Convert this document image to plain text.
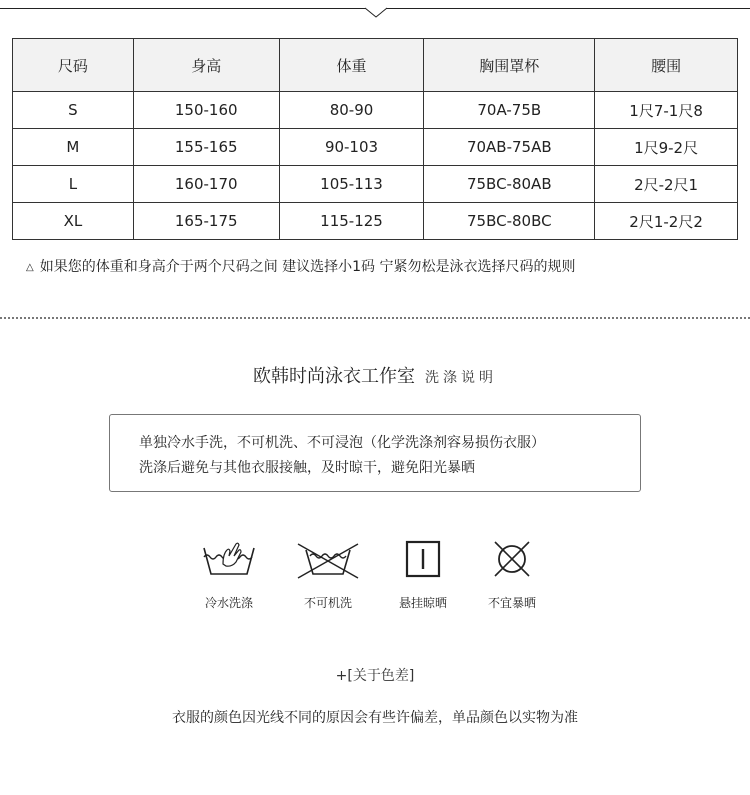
尺码	身高	体重	胸围罩杯	腰围
S	150-160	80-90	70A-75B	1尺7-1尺8
M	155-165	90-103	70AB-75AB	1尺9-2尺
L	160-170	105-113	75BC-80AB	2尺-2尺1
XL	165-175	115-125	75BC-80BC	2尺1-2尺2
△ 如果您的体重和身高介于两个尺码之间 建议选择小1码 宁紧勿松是泳衣选择尺码的规则
欧韩时尚泳衣工作室 洗涤说明
单独冷水手洗，不可机洗、不可浸泡（化学洗涤剂容易损伤衣服）
洗涤后避免与其他衣服接触，及时晾干，避免阳光暴晒
冷水洗涤	不可机洗	悬挂晾晒	不宜暴晒
+[关于色差]
衣服的颜色因光线不同的原因会有些许偏差，单品颜色以实物为准
